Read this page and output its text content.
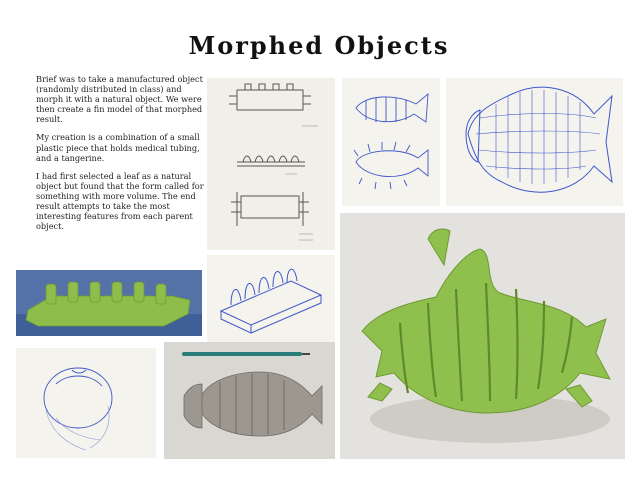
Morphed Objects

Brief was to take a manufactured object (randomly distributed in class) and morph it with a natural object. We were then create a fin model of that morphed result.

My creation is a combination of a small plastic piece that holds medical tubing, and a tangerine.

I had first selected a leaf as a natural object but found that the form called for something with more volume. The end result attempts to take the most interesting features from each parent object.
